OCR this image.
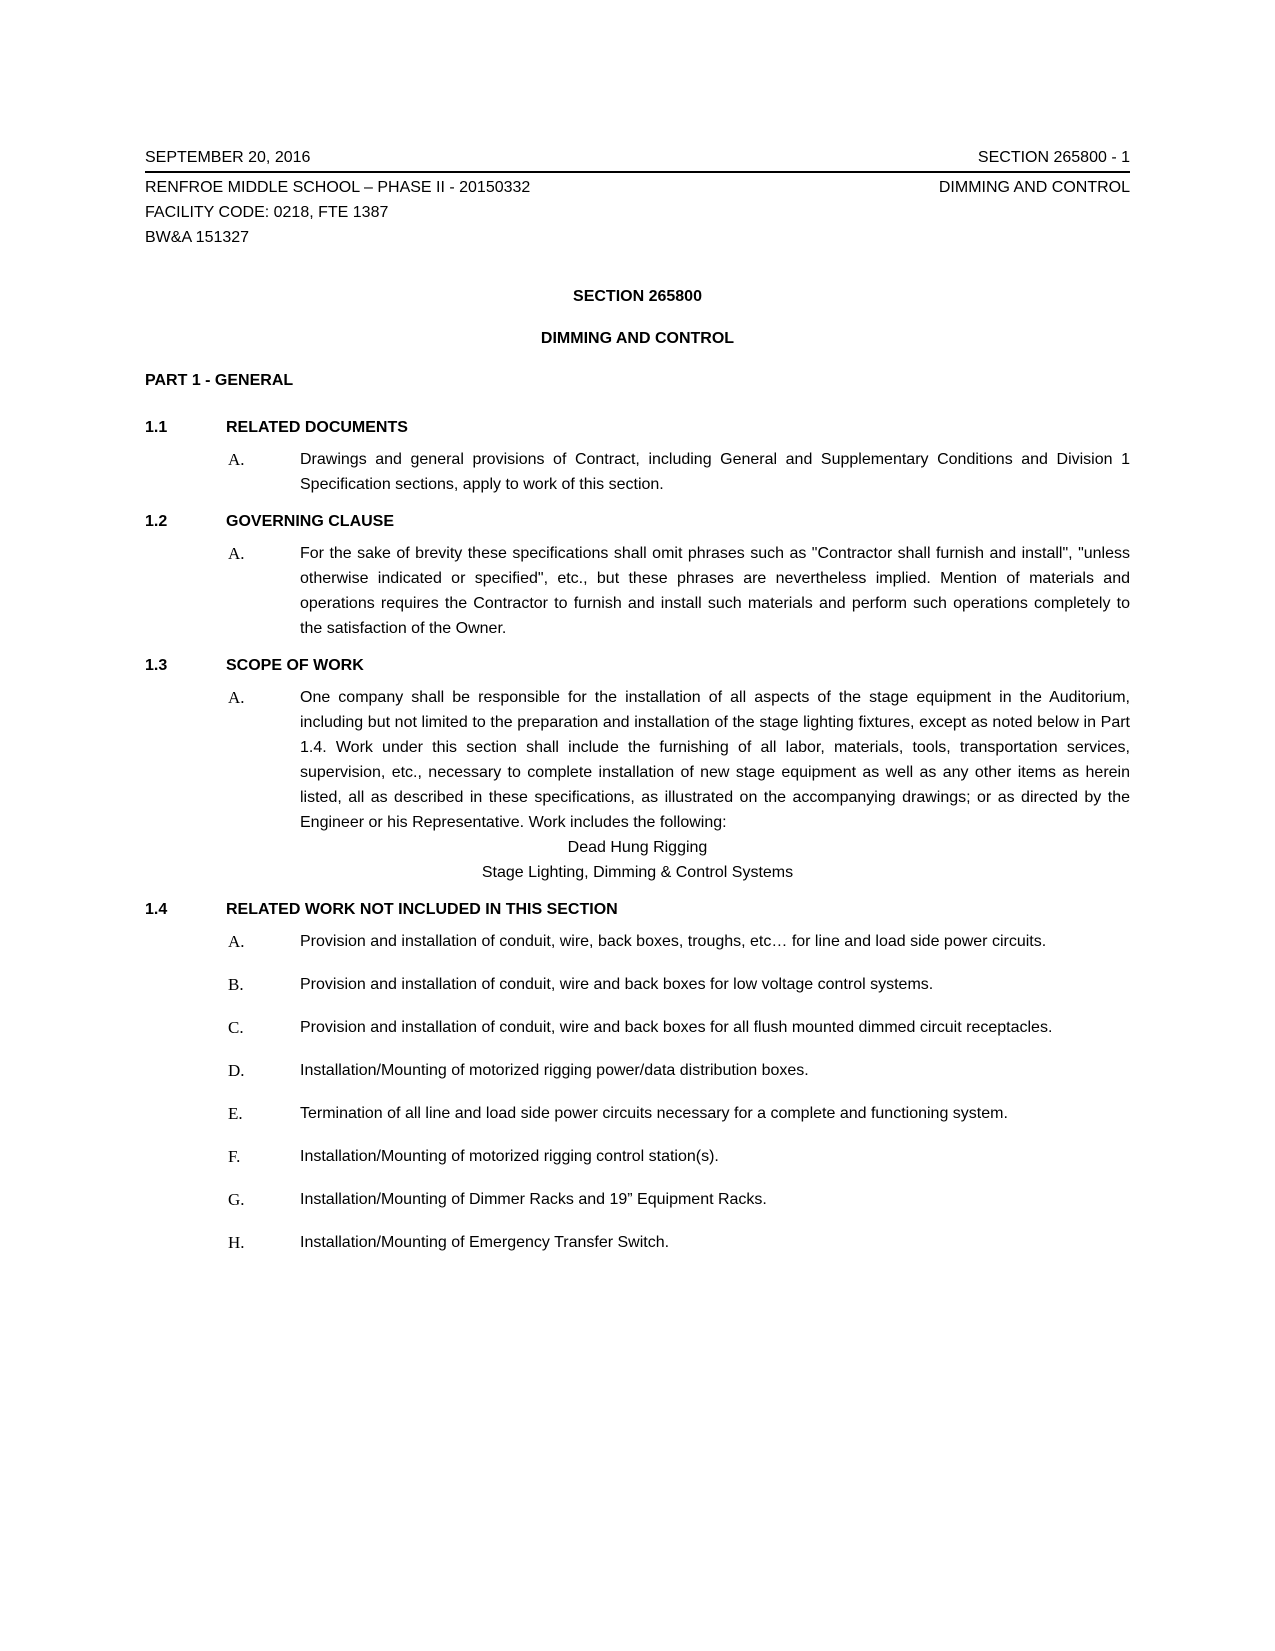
SEPTEMBER 20, 2016	SECTION 265800 - 1
RENFROE MIDDLE SCHOOL – PHASE II - 20150332	DIMMING AND CONTROL
FACILITY CODE: 0218, FTE 1387
BW&A 151327
SECTION 265800
DIMMING AND CONTROL
PART 1 - GENERAL
1.1	RELATED DOCUMENTS
A.	Drawings and general provisions of Contract, including General and Supplementary Conditions and Division 1 Specification sections, apply to work of this section.
1.2	GOVERNING CLAUSE
A.	For the sake of brevity these specifications shall omit phrases such as "Contractor shall furnish and install", "unless otherwise indicated or specified", etc., but these phrases are nevertheless implied. Mention of materials and operations requires the Contractor to furnish and install such materials and perform such operations completely to the satisfaction of the Owner.
1.3	SCOPE OF WORK
A.	One company shall be responsible for the installation of all aspects of the stage equipment in the Auditorium, including but not limited to the preparation and installation of the stage lighting fixtures, except as noted below in Part 1.4. Work under this section shall include the furnishing of all labor, materials, tools, transportation services, supervision, etc., necessary to complete installation of new stage equipment as well as any other items as herein listed, all as described in these specifications, as illustrated on the accompanying drawings; or as directed by the Engineer or his Representative. Work includes the following:
Dead Hung Rigging
Stage Lighting, Dimming & Control Systems
1.4	RELATED WORK NOT INCLUDED IN THIS SECTION
A.	Provision and installation of conduit, wire, back boxes, troughs, etc… for line and load side power circuits.
B.	Provision and installation of conduit, wire and back boxes for low voltage control systems.
C.	Provision and installation of conduit, wire and back boxes for all flush mounted dimmed circuit receptacles.
D.	Installation/Mounting of motorized rigging power/data distribution boxes.
E.	Termination of all line and load side power circuits necessary for a complete and functioning system.
F.	Installation/Mounting of motorized rigging control station(s).
G.	Installation/Mounting of Dimmer Racks and 19” Equipment Racks.
H.	Installation/Mounting of Emergency Transfer Switch.
